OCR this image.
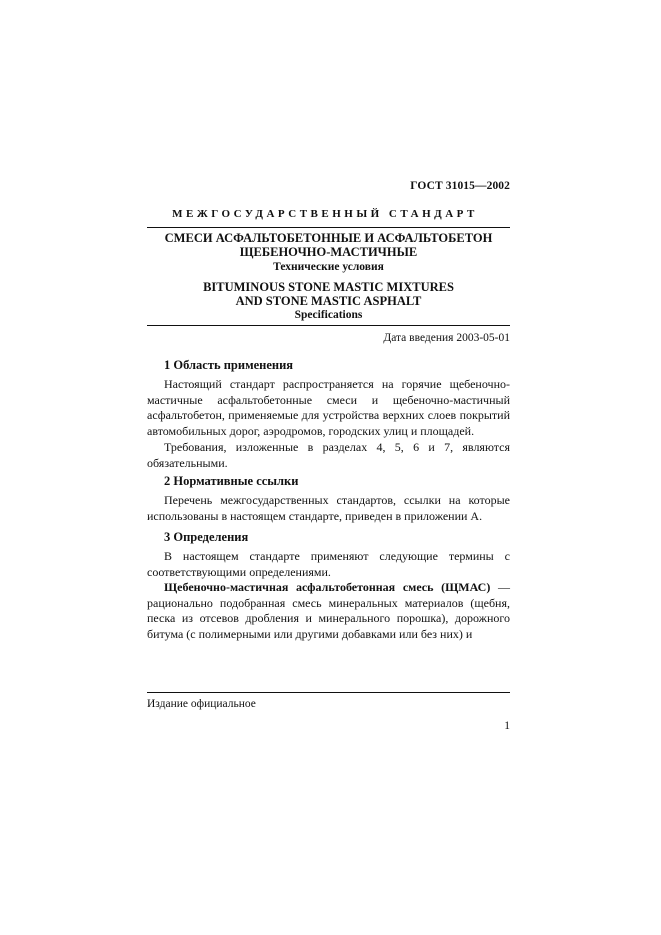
ГОСТ 31015—2002
МЕЖГОСУДАРСТВЕННЫЙ СТАНДАРТ
СМЕСИ АСФАЛЬТОБЕТОННЫЕ И АСФАЛЬТОБЕТОН
ЩЕБЕНОЧНО-МАСТИЧНЫЕ
Технические условия
BITUMINOUS STONE MASTIC MIXTURES
AND STONE MASTIC ASPHALT
Specifications
Дата введения 2003-05-01
1 Область применения
Настоящий стандарт распространяется на горячие щебеночно-мастичные асфальтобетонные смеси и щебеночно-мастичный асфальтобетон, применяемые для устройства верхних слоев покрытий автомобильных дорог, аэродромов, городских улиц и площадей.
Требования, изложенные в разделах 4, 5, 6 и 7, являются обязательными.
2 Нормативные ссылки
Перечень межгосударственных стандартов, ссылки на которые использованы в настоящем стандарте, приведен в приложении А.
3 Определения
В настоящем стандарте применяют следующие термины с соответствующими определениями.
Щебеночно-мастичная асфальтобетонная смесь (ЩМАС) — рационально подобранная смесь минеральных материалов (щебня, песка из отсевов дробления и минерального порошка), дорожного битума (с полимерными или другими добавками или без них) и
Издание официальное
1
